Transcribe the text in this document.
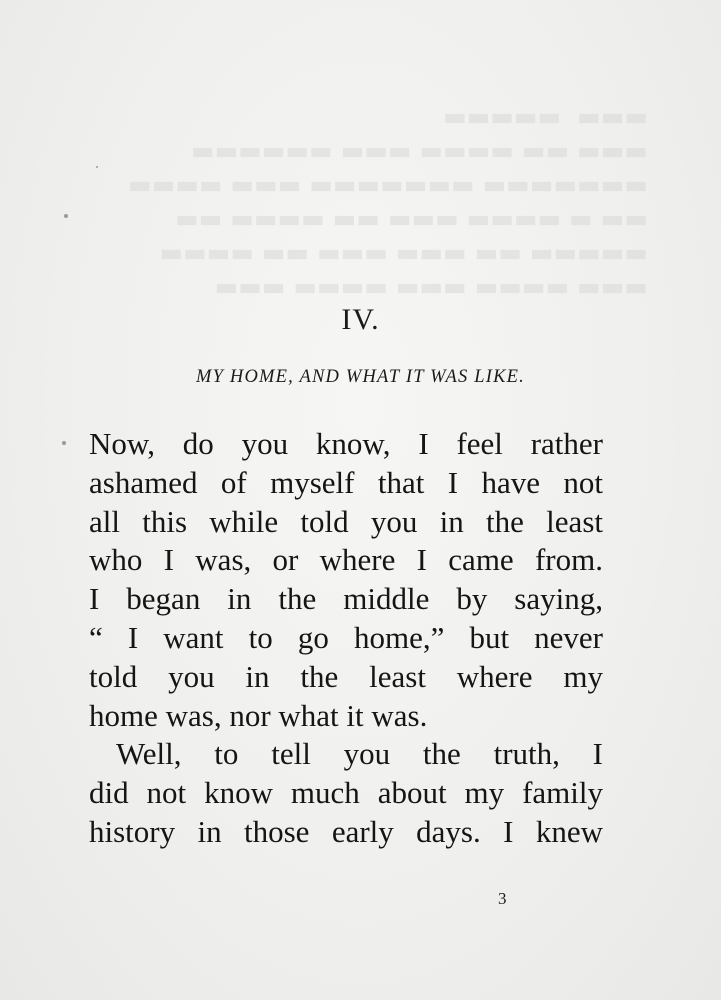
▬▬▬  ▬▬▬▬▬
▬▬▬ ▬▬ ▬▬▬▬ ▬▬▬ ▬▬▬▬▬▬
▬▬▬▬▬▬▬ ▬▬▬▬▬▬▬ ▬▬▬ ▬▬▬▬
▬▬ ▬ ▬▬▬▬ ▬▬▬ ▬▬ ▬▬▬▬ ▬▬
▬▬▬▬▬ ▬▬ ▬▬▬ ▬▬▬ ▬▬ ▬▬▬▬
▬▬▬ ▬▬▬▬ ▬▬▬ ▬▬▬▬ ▬▬▬
IV.
MY HOME, AND WHAT IT WAS LIKE.
Now, do you know, I feel rather
ashamed of myself that I have not
all this while told you in the least
who I was, or where I came from.
I began in the middle by saying,
“ I want to go home,” but never
told you in the least where my
home was, nor what it was.
Well, to tell you the truth, I
did not know much about my family
history in those early days. I knew
3
